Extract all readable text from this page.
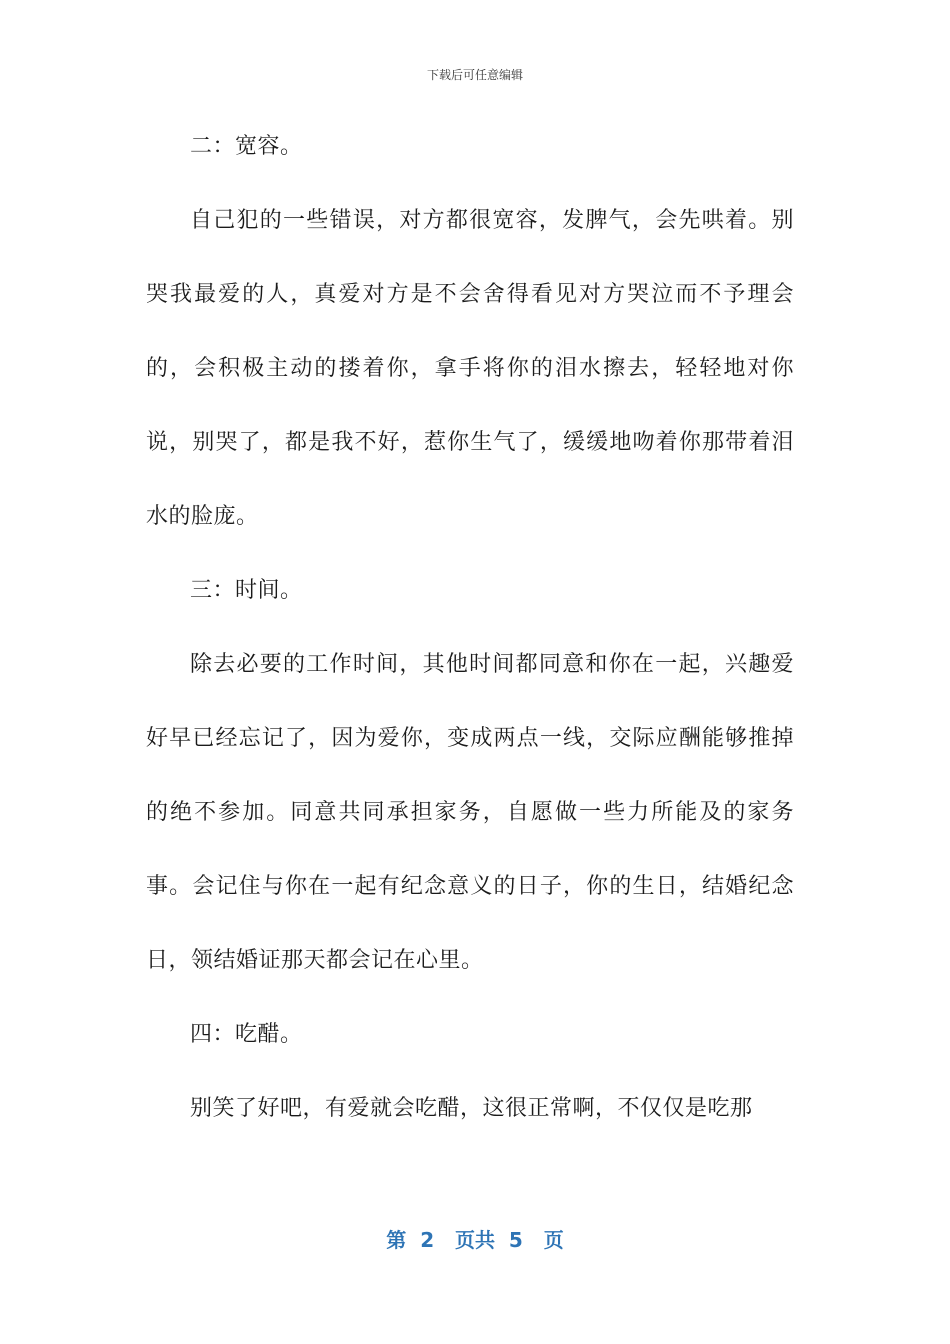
下载后可任意编辑

二：宽容。

自己犯的一些错误，对方都很宽容，发脾气，会先哄着。别哭我最爱的人，真爱对方是不会舍得看见对方哭泣而不予理会的，会积极主动的搂着你，拿手将你的泪水擦去，轻轻地对你说，别哭了，都是我不好，惹你生气了，缓缓地吻着你那带着泪水的脸庞。

三：时间。

除去必要的工作时间，其他时间都同意和你在一起，兴趣爱好早已经忘记了，因为爱你，变成两点一线，交际应酬能够推掉的绝不参加。同意共同承担家务，自愿做一些力所能及的家务事。会记住与你在一起有纪念意义的日子，你的生日，结婚纪念日，领结婚证那天都会记在心里。

四：吃醋。

别笑了好吧，有爱就会吃醋，这很正常啊，不仅仅是吃那

第  2   页共  5   页
